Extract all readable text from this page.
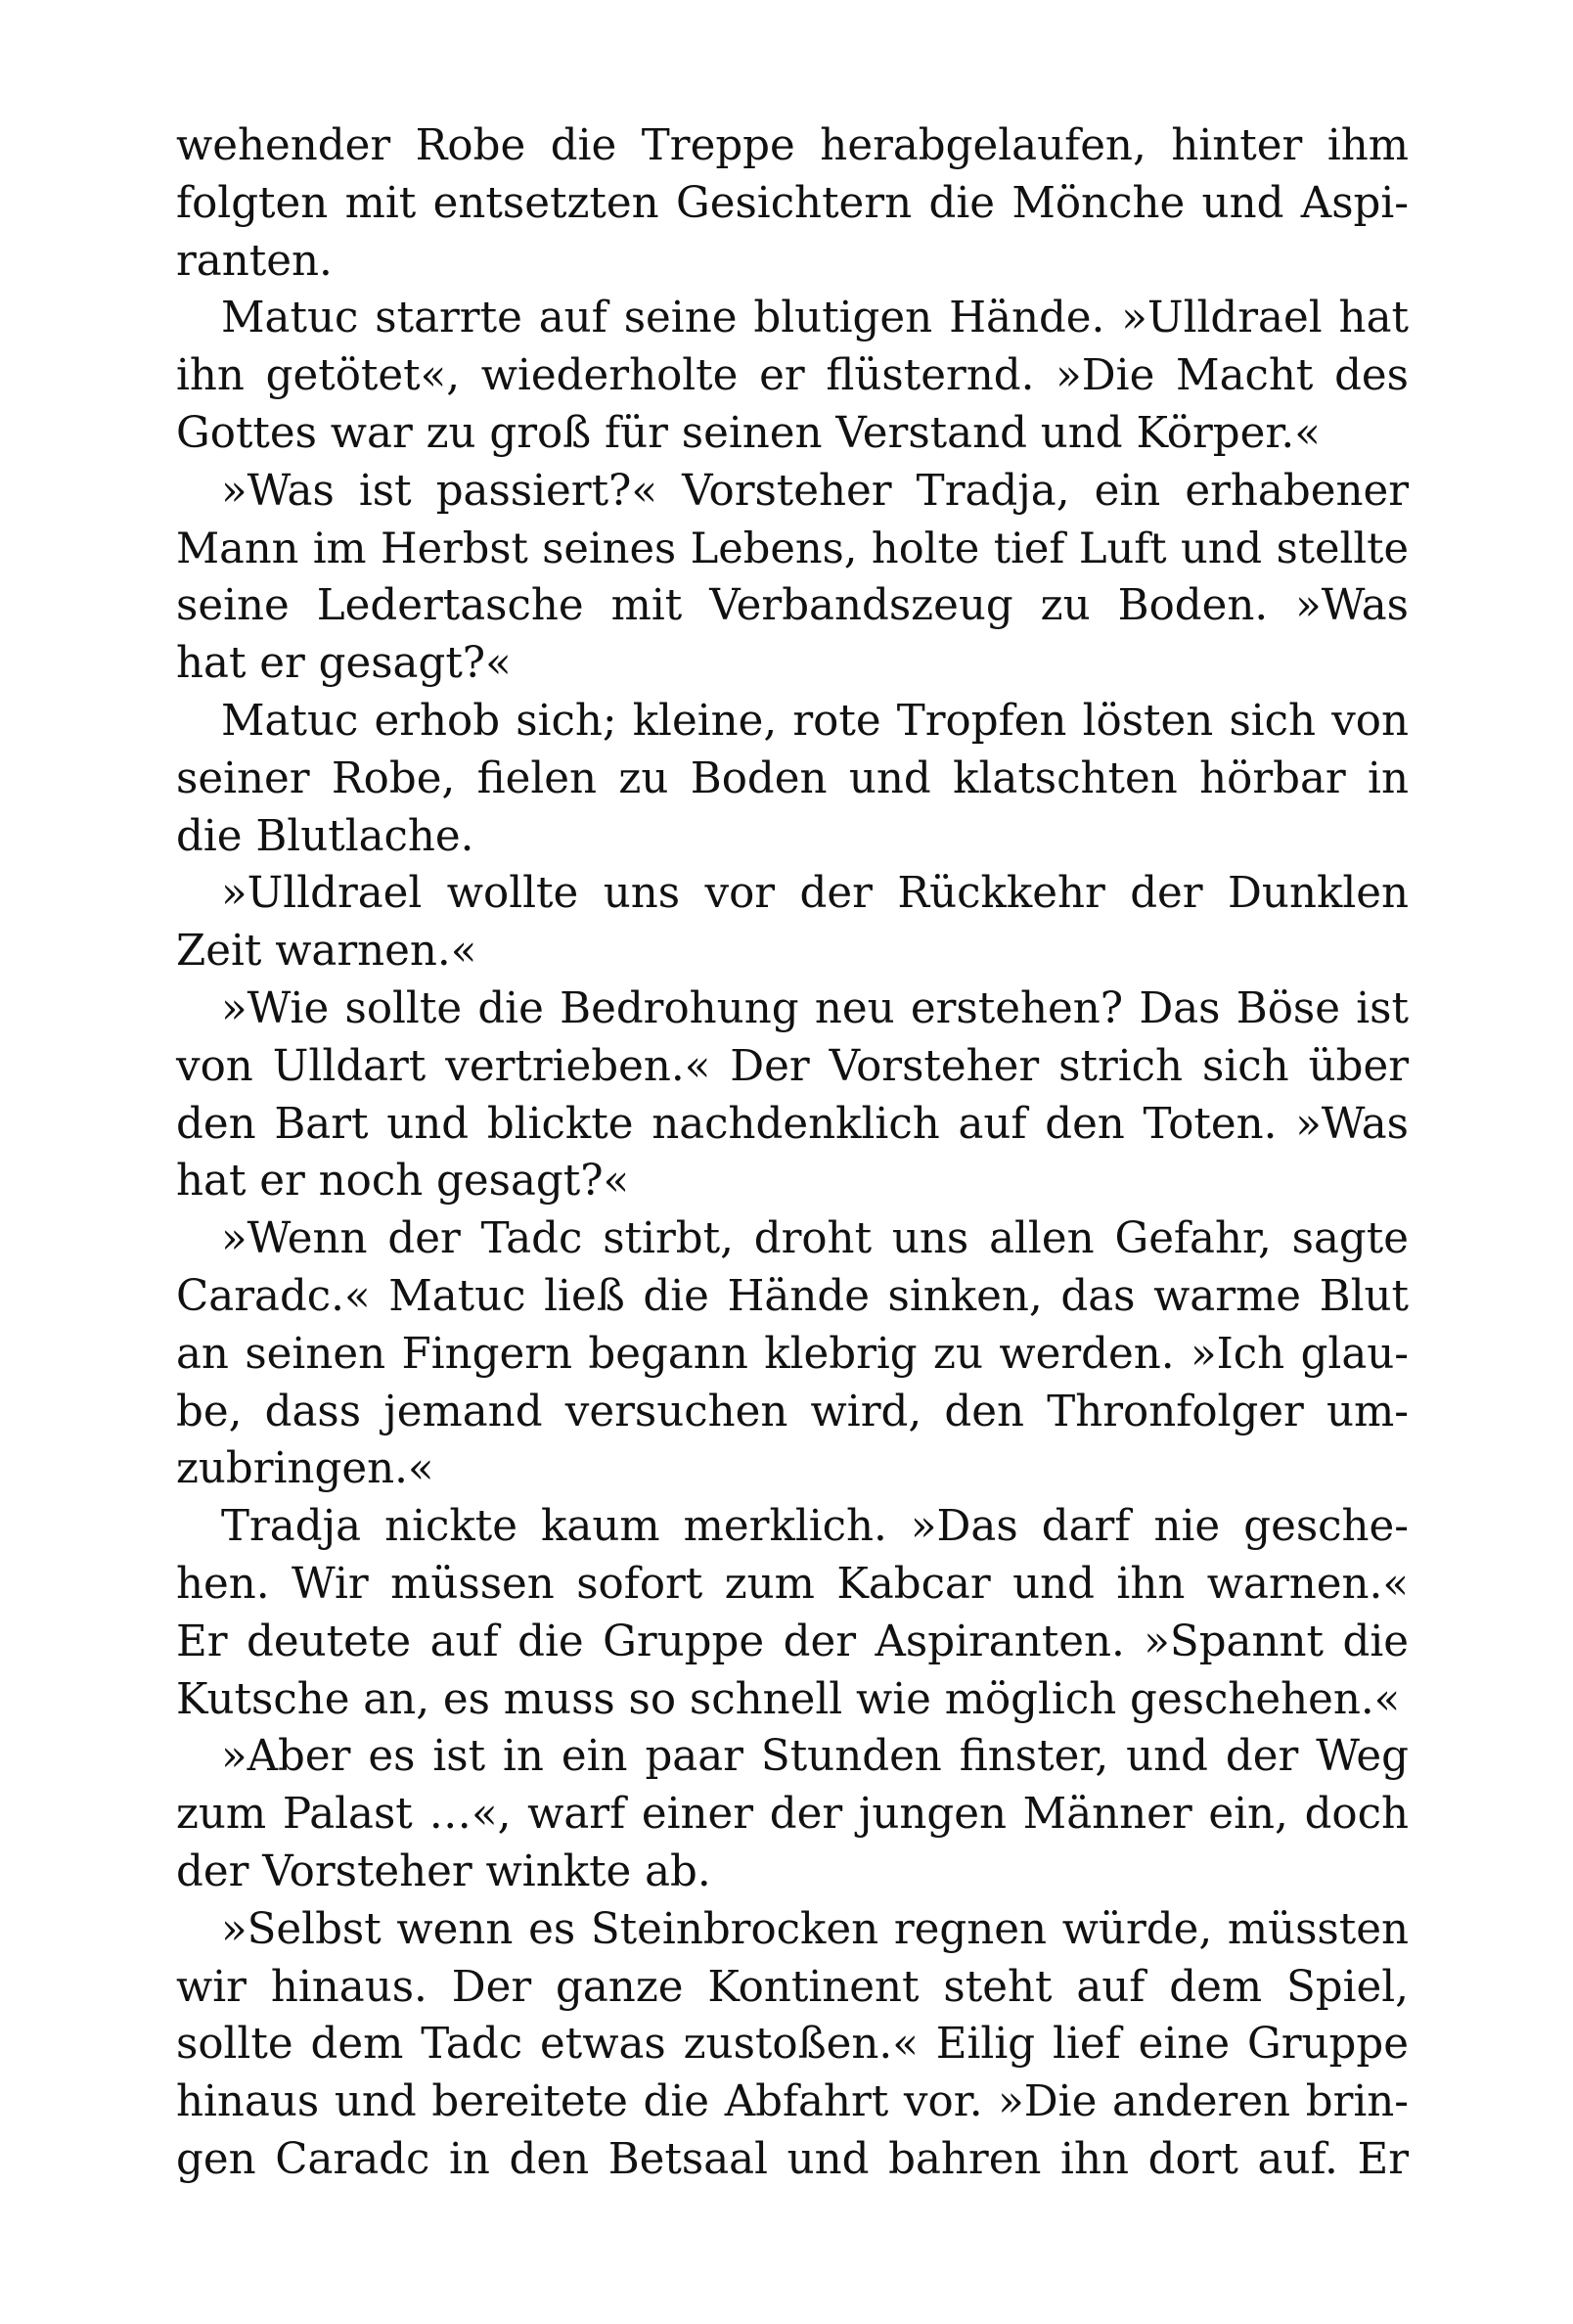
wehender Robe die Treppe herabgelaufen, hinter ihm
folgten mit entsetzten Gesichtern die Mönche und Aspi-
ranten.
Matuc starrte auf seine blutigen Hände. »Ulldrael hat
ihn getötet«, wiederholte er flüsternd. »Die Macht des
Gottes war zu groß für seinen Verstand und Körper.«
»Was ist passiert?« Vorsteher Tradja, ein erhabener
Mann im Herbst seines Lebens, holte tief Luft und stellte
seine Ledertasche mit Verbandszeug zu Boden. »Was
hat er gesagt?«
Matuc erhob sich; kleine, rote Tropfen lösten sich von
seiner Robe, fielen zu Boden und klatschten hörbar in
die Blutlache.
»Ulldrael wollte uns vor der Rückkehr der Dunklen
Zeit warnen.«
»Wie sollte die Bedrohung neu erstehen? Das Böse ist
von Ulldart vertrieben.« Der Vorsteher strich sich über
den Bart und blickte nachdenklich auf den Toten. »Was
hat er noch gesagt?«
»Wenn der Tadc stirbt, droht uns allen Gefahr, sagte
Caradc.« Matuc ließ die Hände sinken, das warme Blut
an seinen Fingern begann klebrig zu werden. »Ich glau-
be, dass jemand versuchen wird, den Thronfolger um-
zubringen.«
Tradja nickte kaum merklich. »Das darf nie gesche-
hen. Wir müssen sofort zum Kabcar und ihn warnen.«
Er deutete auf die Gruppe der Aspiranten. »Spannt die
Kutsche an, es muss so schnell wie möglich geschehen.«
»Aber es ist in ein paar Stunden finster, und der Weg
zum Palast …«, warf einer der jungen Männer ein, doch
der Vorsteher winkte ab.
»Selbst wenn es Steinbrocken regnen würde, müssten
wir hinaus. Der ganze Kontinent steht auf dem Spiel,
sollte dem Tadc etwas zustoßen.« Eilig lief eine Gruppe
hinaus und bereitete die Abfahrt vor. »Die anderen brin-
gen Caradc in den Betsaal und bahren ihn dort auf. Er
